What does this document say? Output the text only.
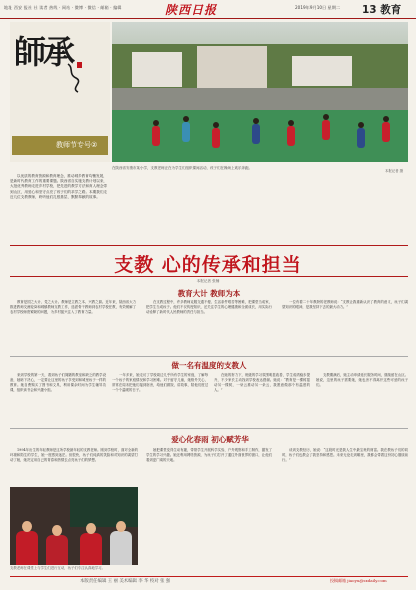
地址 西安 报社 社 读者 热线 · 网站 · 微博 · 微信 · 邮箱 · 编辑	陕西日报	2019年9月10日 星期二 13 教育
師承
教师节专号②
在陕西省安康市某小学，支教老师正在为学生们组织课间活动，孩子们在操场上欢乐奔跑。
本报记者 摄
以优质的教育资源和教育理念，推动城乡教育均衡发展，是新时代教育工作的重要课题。陕西省自实施支教计划以来，大批优秀教师走进乡村学校，把先进的教学方法和育人理念带到山区，用爱心和坚守点亮了孩子们的求学之路。本期我们走近几位支教教师，聆听他们扎根基层、默默奉献的故事。
支教 心的传承和担当
本报记者 张楠
教育大计 教师为本
教育是国之大计、党之大计。教师是立教之本、兴教之源。近年来，陕西省大力推进教师交流轮岗和城镇教师支教工作，选派骨干教师到农村学校任教，有效缓解了农村学校师资紧缺的问题，为乡村振兴注入了教育力量。
在支教过程中，许多教师克服交通不便、生活条件艰苦等困难，把课堂当成家，把学生当成孩子。他们不仅传授知识，还关注学生的心理健康和全面成长，用实际行动诠释了新时代人民教师的责任与担当。
一位有着二十年教龄的老教师说：“支教让我重新认识了教育的意义，孩子们渴望知识的眼神，是我坚持下去的最大动力。”
做一名有温度的支教人
来到学校的第一天，看到孩子们简陋的教室和缺乏的教学设备，她暗下决心，一定要让这里的孩子享受到和城里孩子一样的教育。她自费购买了图书和文具，利用课余时间为学生辅导功课，组织读书会和兴趣小组。
一年多来，她走访了学校周边几乎所有学生的家庭，了解每一个孩子的家庭情况和学习困难。对于留守儿童，她格外关心，常常在周末把他们接到宿舍，给他们做饭、讲故事，陪他们度过一个个温暖的日子。
在她的努力下，班级的学习氛围明显改善，学生成绩稳步提升，不少家长主动找到学校表达感谢。她说：“教育是一棵树摇动另一棵树，一朵云推动另一朵云，我愿意做那个有温度的人。”
支教期满后，她主动申请延长服务时间，继续留在山区。她说，这里的孩子需要她，她也舍不得离开这些可爱的孩子们。
爱心化春雨 初心赋芳华
1994年出生的年轻教师是这所学校最年轻的支教老师。刚到学校时，面对全新的环境和陌生的学生，她一度感到迷茫。但很快，孩子们纯真的笑脸和对知识的渴望打动了她，她决定用自己的青春和热情去点亮孩子们的梦想。
她把课堂变得生动有趣，带领学生开展科学实验、户外观察和手工制作，激发了学生的学习兴趣。她还利用网络资源，为孩子们打开了通往外面世界的窗口，让他们看到更广阔的天地。
谈到支教经历，她说：“这段时光是我人生中最宝贵的财富。我在教孩子们的同时，孩子们也教会了我坚持和感恩。未来无论走到哪里，我都会带着这份初心继续前行。”
支教老师在课堂上与学生们进行互动，孩子们专注认真地学习。
本版责任编辑 王 丽 美术编辑 李 华 校对 张 强	投稿邮箱 jiaoyu@sxdaily.com
